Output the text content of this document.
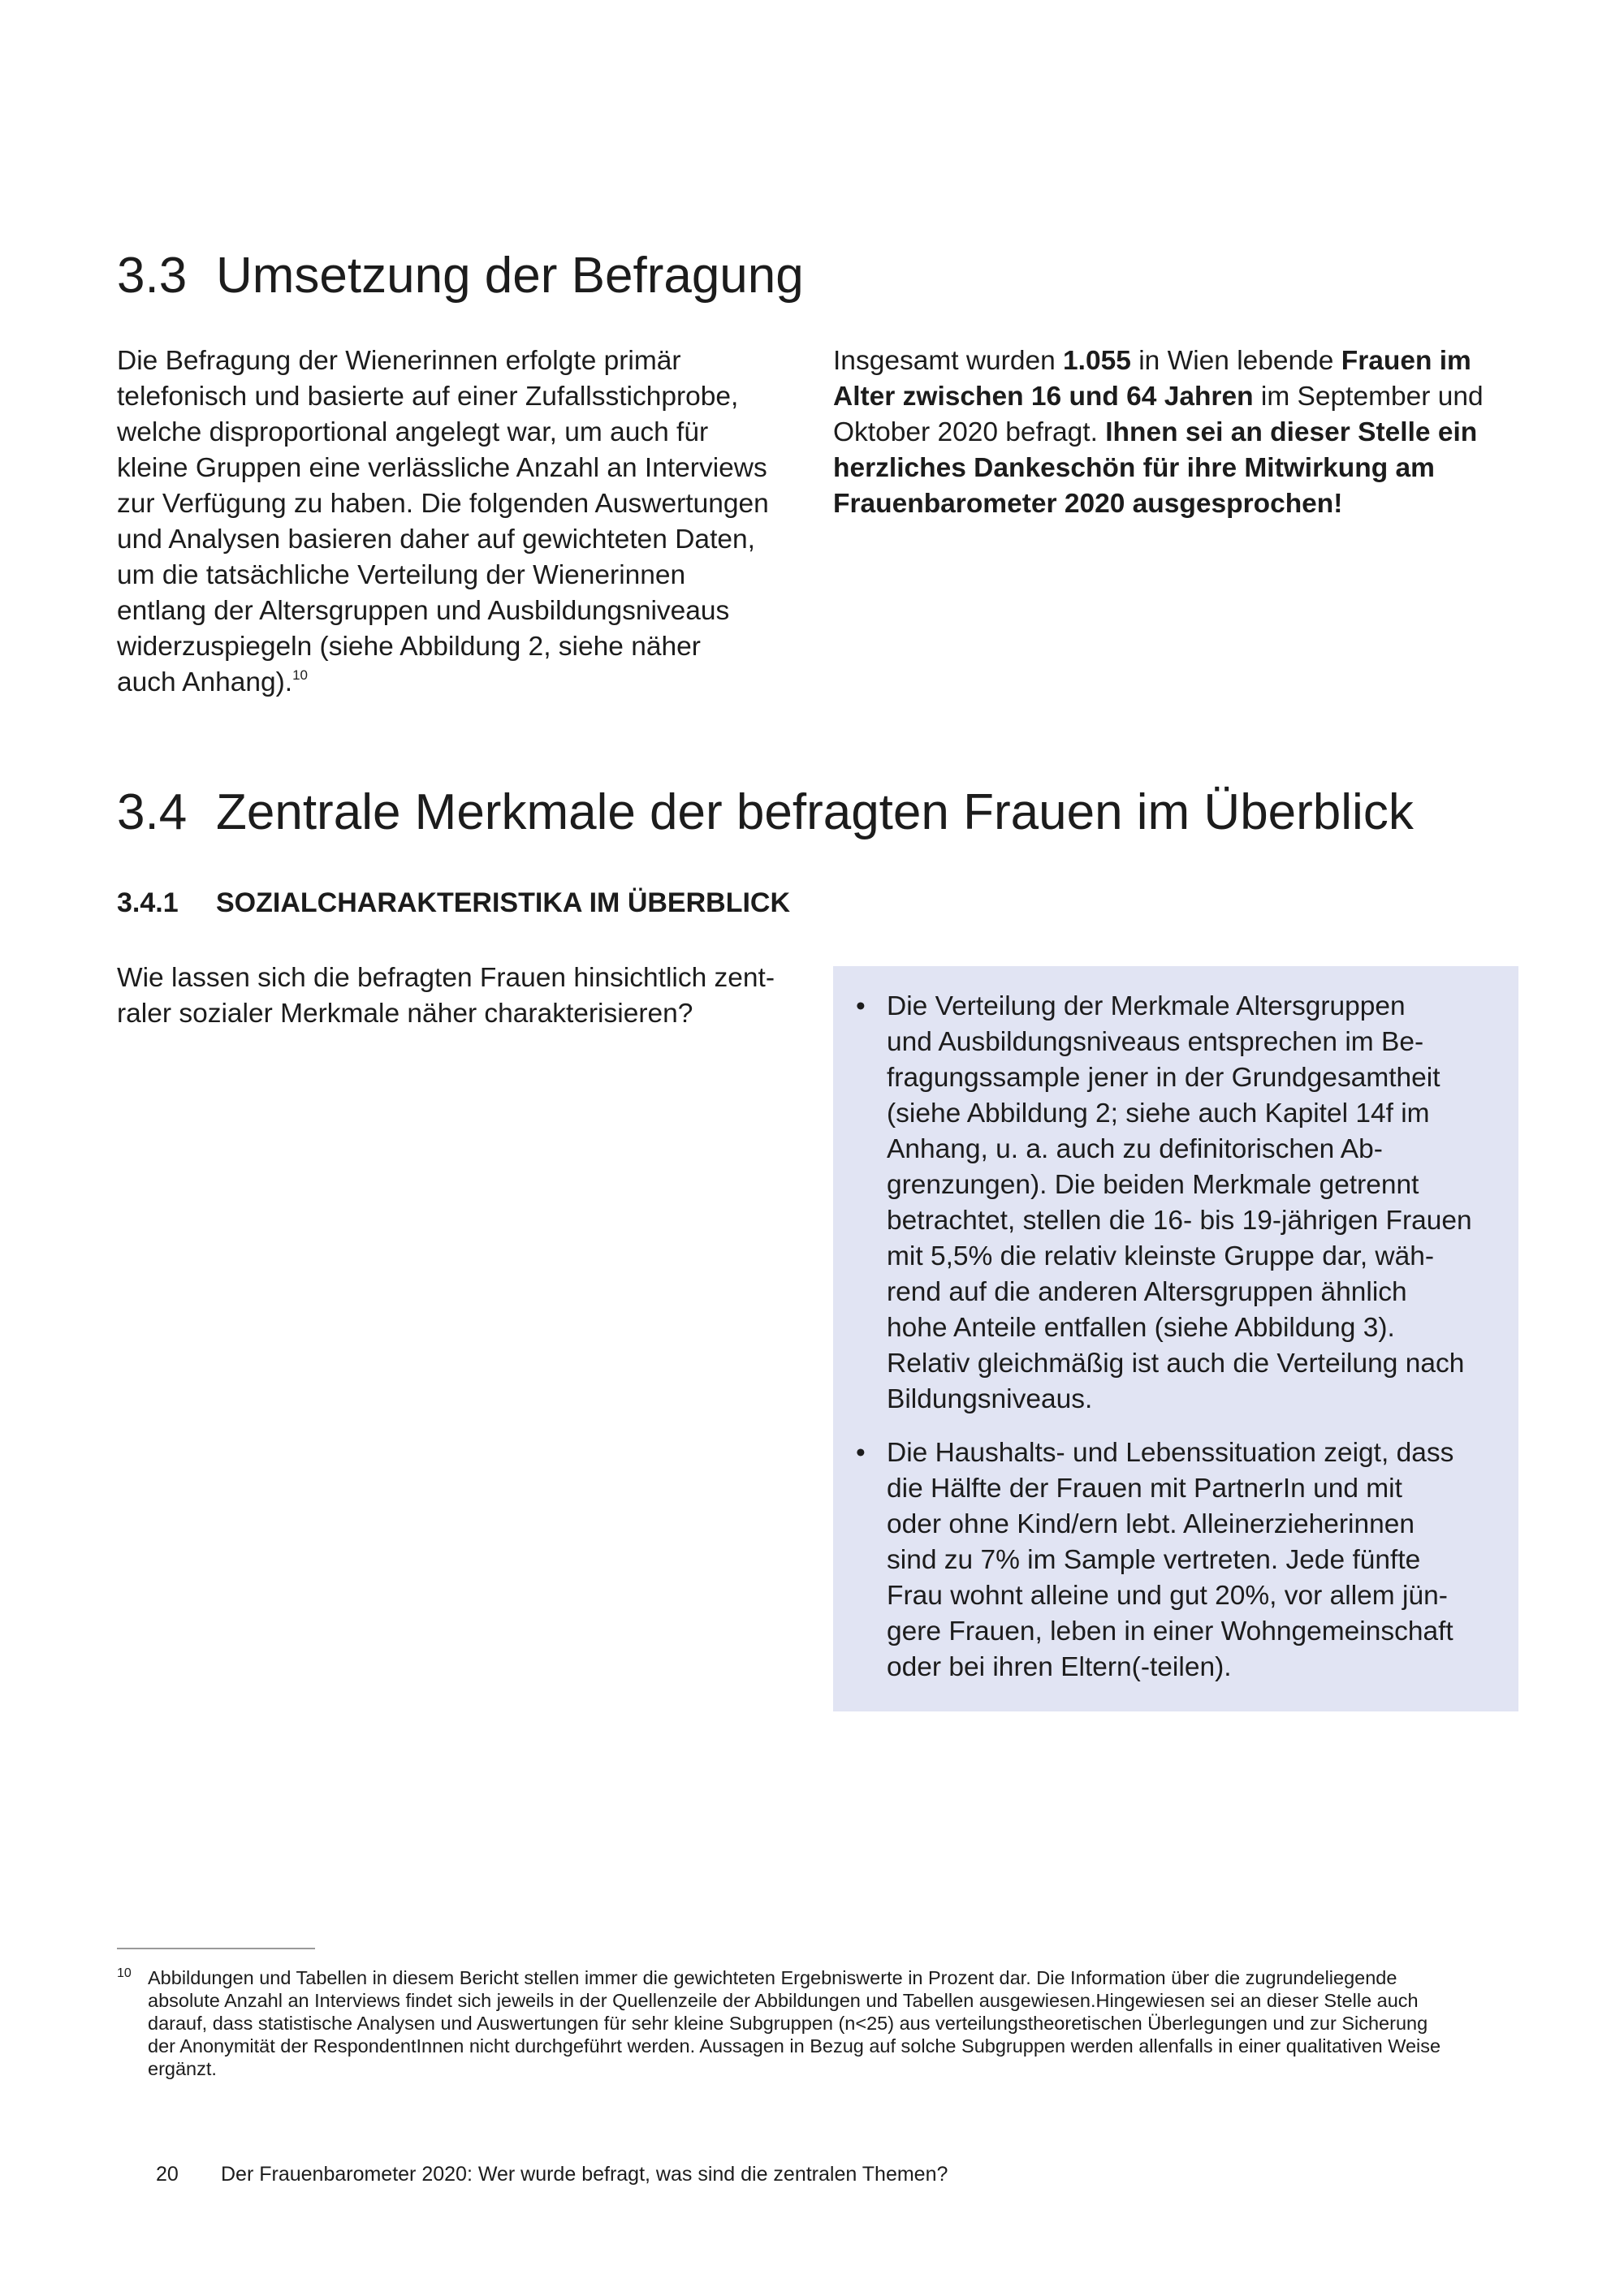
3.3 Umsetzung der Befragung

Die Befragung der Wienerinnen erfolgte primär
telefonisch und basierte auf einer Zufallsstichprobe,
welche disproportional angelegt war, um auch für
kleine Gruppen eine verlässliche Anzahl an Interviews
zur Verfügung zu haben. Die folgenden Auswertungen
und Analysen basieren daher auf gewichteten Daten,
um die tatsächliche Verteilung der Wienerinnen
entlang der Altersgruppen und Ausbildungsniveaus
widerzuspiegeln (siehe Abbildung 2, siehe näher
auch Anhang).$^{10}$

Insgesamt wurden 1.055 in Wien lebende Frauen im
Alter zwischen 16 und 64 Jahren im September und
Oktober 2020 befragt. Ihnen sei an dieser Stelle ein
herzliches Dankeschön für ihre Mitwirkung am
Frauenbarometer 2020 ausgesprochen!

3.4 Zentrale Merkmale der befragten Frauen im Überblick
3.4.1 SOZIALCHARAKTERISTIKA IM ÜBERBLICK

Wie lassen sich die befragten Frauen hinsichtlich zent-
raler sozialer Merkmale näher charakterisieren?	• Die Verteilung der Merkmale Altersgruppen
und Ausbildungsniveaus entsprechen im Be-
fragungssample jener in der Grundgesamtheit
(siehe Abbildung 2; siehe auch Kapitel 14f im
Anhang, u. a. auch zu definitorischen Ab-
grenzungen). Die beiden Merkmale getrennt
betrachtet, stellen die 16- bis 19-jährigen Frauen
mit 5,5% die relativ kleinste Gruppe dar, wäh-
rend auf die anderen Altersgruppen ähnlich
hohe Anteile entfallen (siehe Abbildung 3).
Relativ gleichmäßig ist auch die Verteilung nach
Bildungsniveaus.
• Die Haushalts- und Lebenssituation zeigt, dass
die Hälfte der Frauen mit PartnerIn und mit
oder ohne Kind/ern lebt. Alleinerzieherinnen
sind zu 7% im Sample vertreten. Jede fünfte
Frau wohnt alleine und gut 20%, vor allem jün-
gere Frauen, leben in einer Wohngemeinschaft
oder bei ihren Eltern(-teilen).
10 Abbildungen und Tabellen in diesem Bericht stellen immer die gewichteten Ergebniswerte in Prozent dar. Die Information über die zugrundeliegende
absolute Anzahl an Interviews findet sich jeweils in der Quellenzeile der Abbildungen und Tabellen ausgewiesen.Hingewiesen sei an dieser Stelle auch
darauf, dass statistische Analysen und Auswertungen für sehr kleine Subgruppen (n<25) aus verteilungstheoretischen Überlegungen und zur Sicherung
der Anonymität der RespondentInnen nicht durchgeführt werden. Aussagen in Bezug auf solche Subgruppen werden allenfalls in einer qualitativen Weise
ergänzt.

20 Der Frauenbarometer 2020: Wer wurde befragt, was sind die zentralen Themen?
